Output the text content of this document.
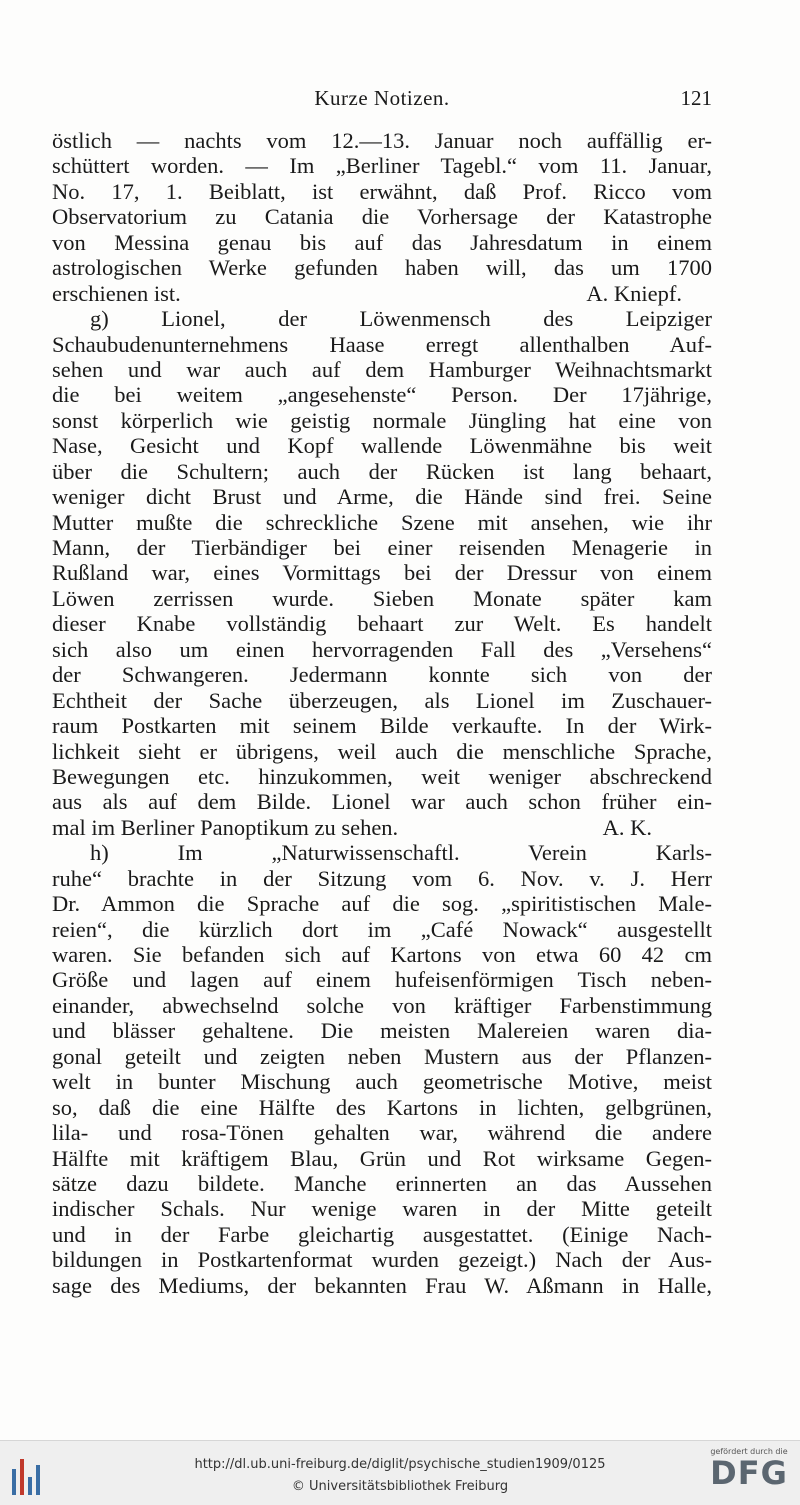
Kurze Notizen.	121
östlich — nachts vom 12.—13. Januar noch auffällig er-
schüttert worden. — Im „Berliner Tagebl.“ vom 11. Januar,
No. 17, 1. Beiblatt, ist erwähnt, daß Prof. Ricco vom
Observatorium zu Catania die Vorhersage der Katastrophe
von Messina genau bis auf das Jahresdatum in einem
astrologischen Werke gefunden haben will, das um 1700
erschienen ist.	A. Kniepf.
g) Lionel, der Löwenmensch des Leipziger
Schaubudenunternehmens Haase erregt allenthalben Auf-
sehen und war auch auf dem Hamburger Weihnachtsmarkt
die bei weitem „angesehenste“ Person. Der 17jährige,
sonst körperlich wie geistig normale Jüngling hat eine von
Nase, Gesicht und Kopf wallende Löwenmähne bis weit
über die Schultern; auch der Rücken ist lang behaart,
weniger dicht Brust und Arme, die Hände sind frei. Seine
Mutter mußte die schreckliche Szene mit ansehen, wie ihr
Mann, der Tierbändiger bei einer reisenden Menagerie in
Rußland war, eines Vormittags bei der Dressur von einem
Löwen zerrissen wurde. Sieben Monate später kam
dieser Knabe vollständig behaart zur Welt. Es handelt
sich also um einen hervorragenden Fall des „Versehens“
der Schwangeren. Jedermann konnte sich von der
Echtheit der Sache überzeugen, als Lionel im Zuschauer-
raum Postkarten mit seinem Bilde verkaufte. In der Wirk-
lichkeit sieht er übrigens, weil auch die menschliche Sprache,
Bewegungen etc. hinzukommen, weit weniger abschreckend
aus als auf dem Bilde. Lionel war auch schon früher ein-
mal im Berliner Panoptikum zu sehen.	A. K.
h) Im „Naturwissenschaftl. Verein Karls-
ruhe“ brachte in der Sitzung vom 6. Nov. v. J. Herr
Dr. Ammon die Sprache auf die sog. „spiritistischen Male-
reien“, die kürzlich dort im „Café Nowack“ ausgestellt
waren. Sie befanden sich auf Kartons von etwa 60 42 cm
Größe und lagen auf einem hufeisenförmigen Tisch neben-
einander, abwechselnd solche von kräftiger Farbenstimmung
und blässer gehaltene. Die meisten Malereien waren dia-
gonal geteilt und zeigten neben Mustern aus der Pflanzen-
welt in bunter Mischung auch geometrische Motive, meist
so, daß die eine Hälfte des Kartons in lichten, gelbgrünen,
lila- und rosa-Tönen gehalten war, während die andere
Hälfte mit kräftigem Blau, Grün und Rot wirksame Gegen-
sätze dazu bildete. Manche erinnerten an das Aussehen
indischer Schals. Nur wenige waren in der Mitte geteilt
und in der Farbe gleichartig ausgestattet. (Einige Nach-
bildungen in Postkartenformat wurden gezeigt.) Nach der Aus-
sage des Mediums, der bekannten Frau W. Aßmann in Halle,
http://dl.ub.uni-freiburg.de/diglit/psychische_studien1909/0125
© Universitätsbibliothek Freiburg
gefördert durch die
DFG
